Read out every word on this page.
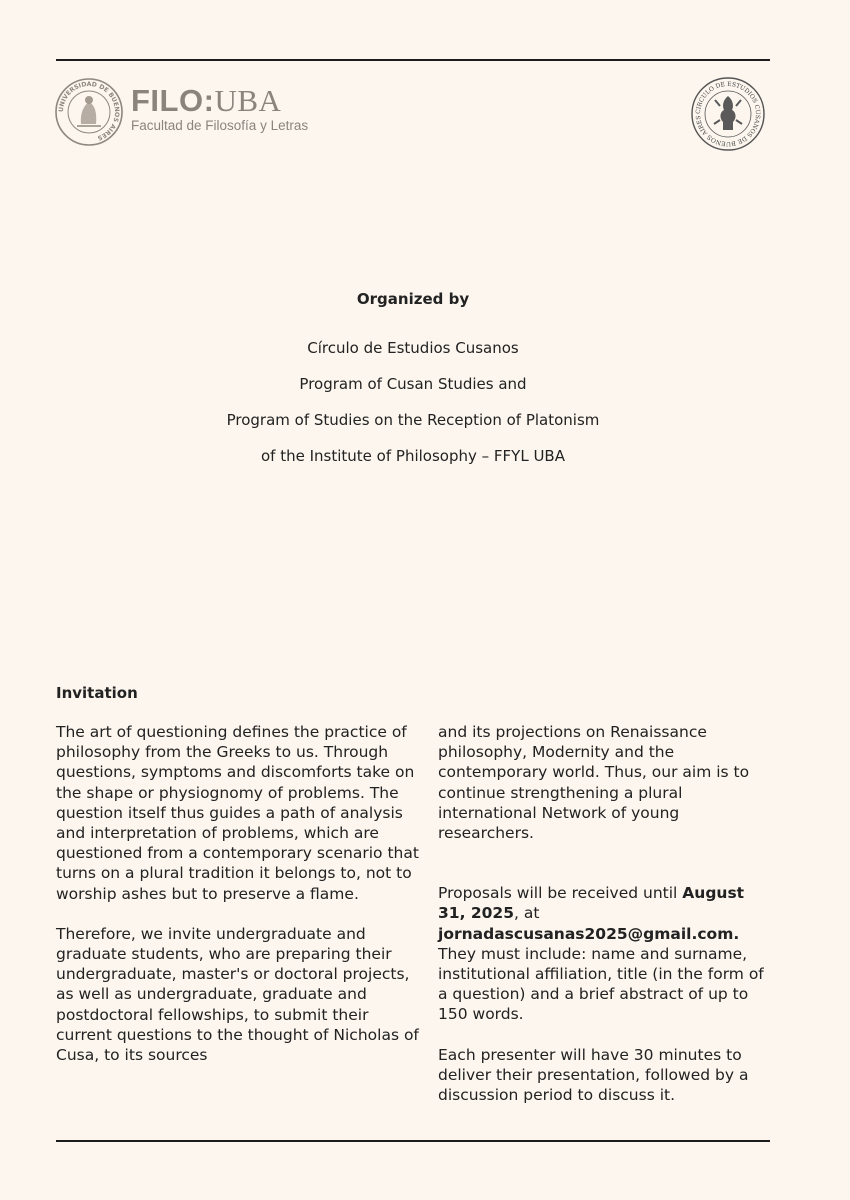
UNIVERSIDAD DE BUENOS AIRES
FILO:UBA
Facultad de Filosofía y Letras
CIRCULO DE ESTUDIOS CUSANOS DE BUENOS AIRES
Organized by
Círculo de Estudios Cusanos
Program of Cusan Studies and
Program of Studies on the Reception of Platonism
of the Institute of Philosophy – FFYL UBA
Invitation

The art of questioning defines the practice of philosophy from the Greeks to us. Through questions, symptoms and discomforts take on the shape or physiognomy of problems. The question itself thus guides a path of analysis and interpretation of problems, which are questioned from a contemporary scenario that turns on a plural tradition it belongs to, not to worship ashes but to preserve a flame.

Therefore, we invite undergraduate and graduate students, who are preparing their undergraduate, master's or doctoral projects, as well as undergraduate, graduate and postdoctoral fellowships, to submit their current questions to the thought of Nicholas of Cusa, to its sources

and its projections on Renaissance philosophy, Modernity and the contemporary world. Thus, our aim is to continue strengthening a plural international Network of young researchers.

Proposals will be received until August 31, 2025, at jornadascusanas2025@gmail.com. They must include: name and surname, institutional affiliation, title (in the form of a question) and a brief abstract of up to 150 words.

Each presenter will have 30 minutes to deliver their presentation, followed by a discussion period to discuss it.
